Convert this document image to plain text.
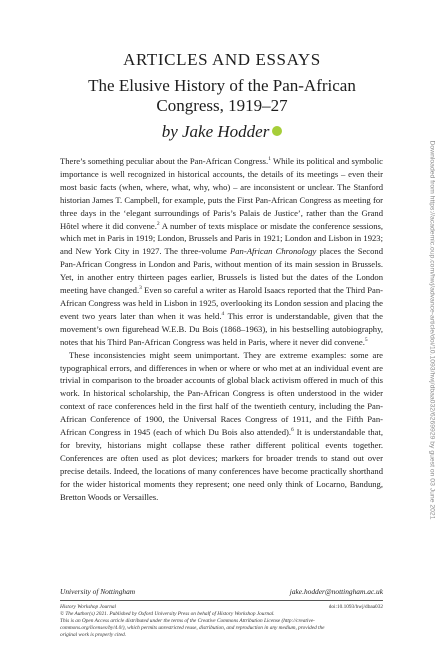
ARTICLES AND ESSAYS
The Elusive History of the Pan-African
Congress, 1919–27
by Jake Hodder

There’s something peculiar about the Pan-African Congress.$^1$ While its political and symbolic importance is well recognized in historical accounts, the details of its meetings – even their most basic facts (when, where, what, why, who) – are inconsistent or unclear. The Stanford historian James T. Campbell, for example, puts the First Pan-African Congress as meeting for three days in the ‘elegant surroundings of Paris’s Palais de Justice’, rather than the Grand Hôtel where it did convene.$^2$ A number of texts misplace or misdate the conference sessions, which met in Paris in 1919; London, Brussels and Paris in 1921; London and Lisbon in 1923; and New York City in 1927. The three-volume Pan-African Chronology places the Second Pan-African Congress in London and Paris, without mention of its main session in Brussels. Yet, in another entry thirteen pages earlier, Brussels is listed but the dates of the London meeting have changed.$^3$ Even so careful a writer as Harold Isaacs reported that the Third Pan-African Congress was held in Lisbon in 1925, overlooking its London session and placing the event two years later than when it was held.$^4$ This error is understandable, given that the movement’s own figurehead W.E.B. Du Bois (1868–1963), in his bestselling autobiography, notes that his Third Pan-African Congress was held in Paris, where it never did convene.$^5$

These inconsistencies might seem unimportant. They are extreme examples: some are typographical errors, and differences in when or where or who met at an individual event are trivial in comparison to the broader accounts of global black activism offered in much of this work. In historical scholarship, the Pan-African Congress is often understood in the wider context of race conferences held in the first half of the twentieth century, including the Pan-African Conference of 1900, the Universal Races Congress of 1911, and the Fifth Pan-African Congress in 1945 (each of which Du Bois also attended).$^6$ It is understandable that, for brevity, historians might collapse these rather different political events together. Conferences are often used as plot devices; markers for broader trends to stand out over precise details. Indeed, the locations of many conferences have become practically shorthand for the wider historical moments they represent; one need only think of Locarno, Bandung, Bretton Woods or Versailles.

University of Nottingham	jake.hodder@nottingham.ac.uk
History Workshop Journal	doi:10.1093/hwj/dbaa032
© The Author(s) 2021. Published by Oxford University Press on behalf of History Workshop Journal.
This is an Open Access article distributed under the terms of the Creative Commons Attribution License (http://creative-
commons.org/licenses/by/4.0/), which permits unrestricted reuse, distribution, and reproduction in any medium, provided the
original work is properly cited.
Downloaded from https://academic.oup.com/hwj/advance-article/doi/10.1093/hwj/dbaa032/6269929 by guest on 03 June 2021
